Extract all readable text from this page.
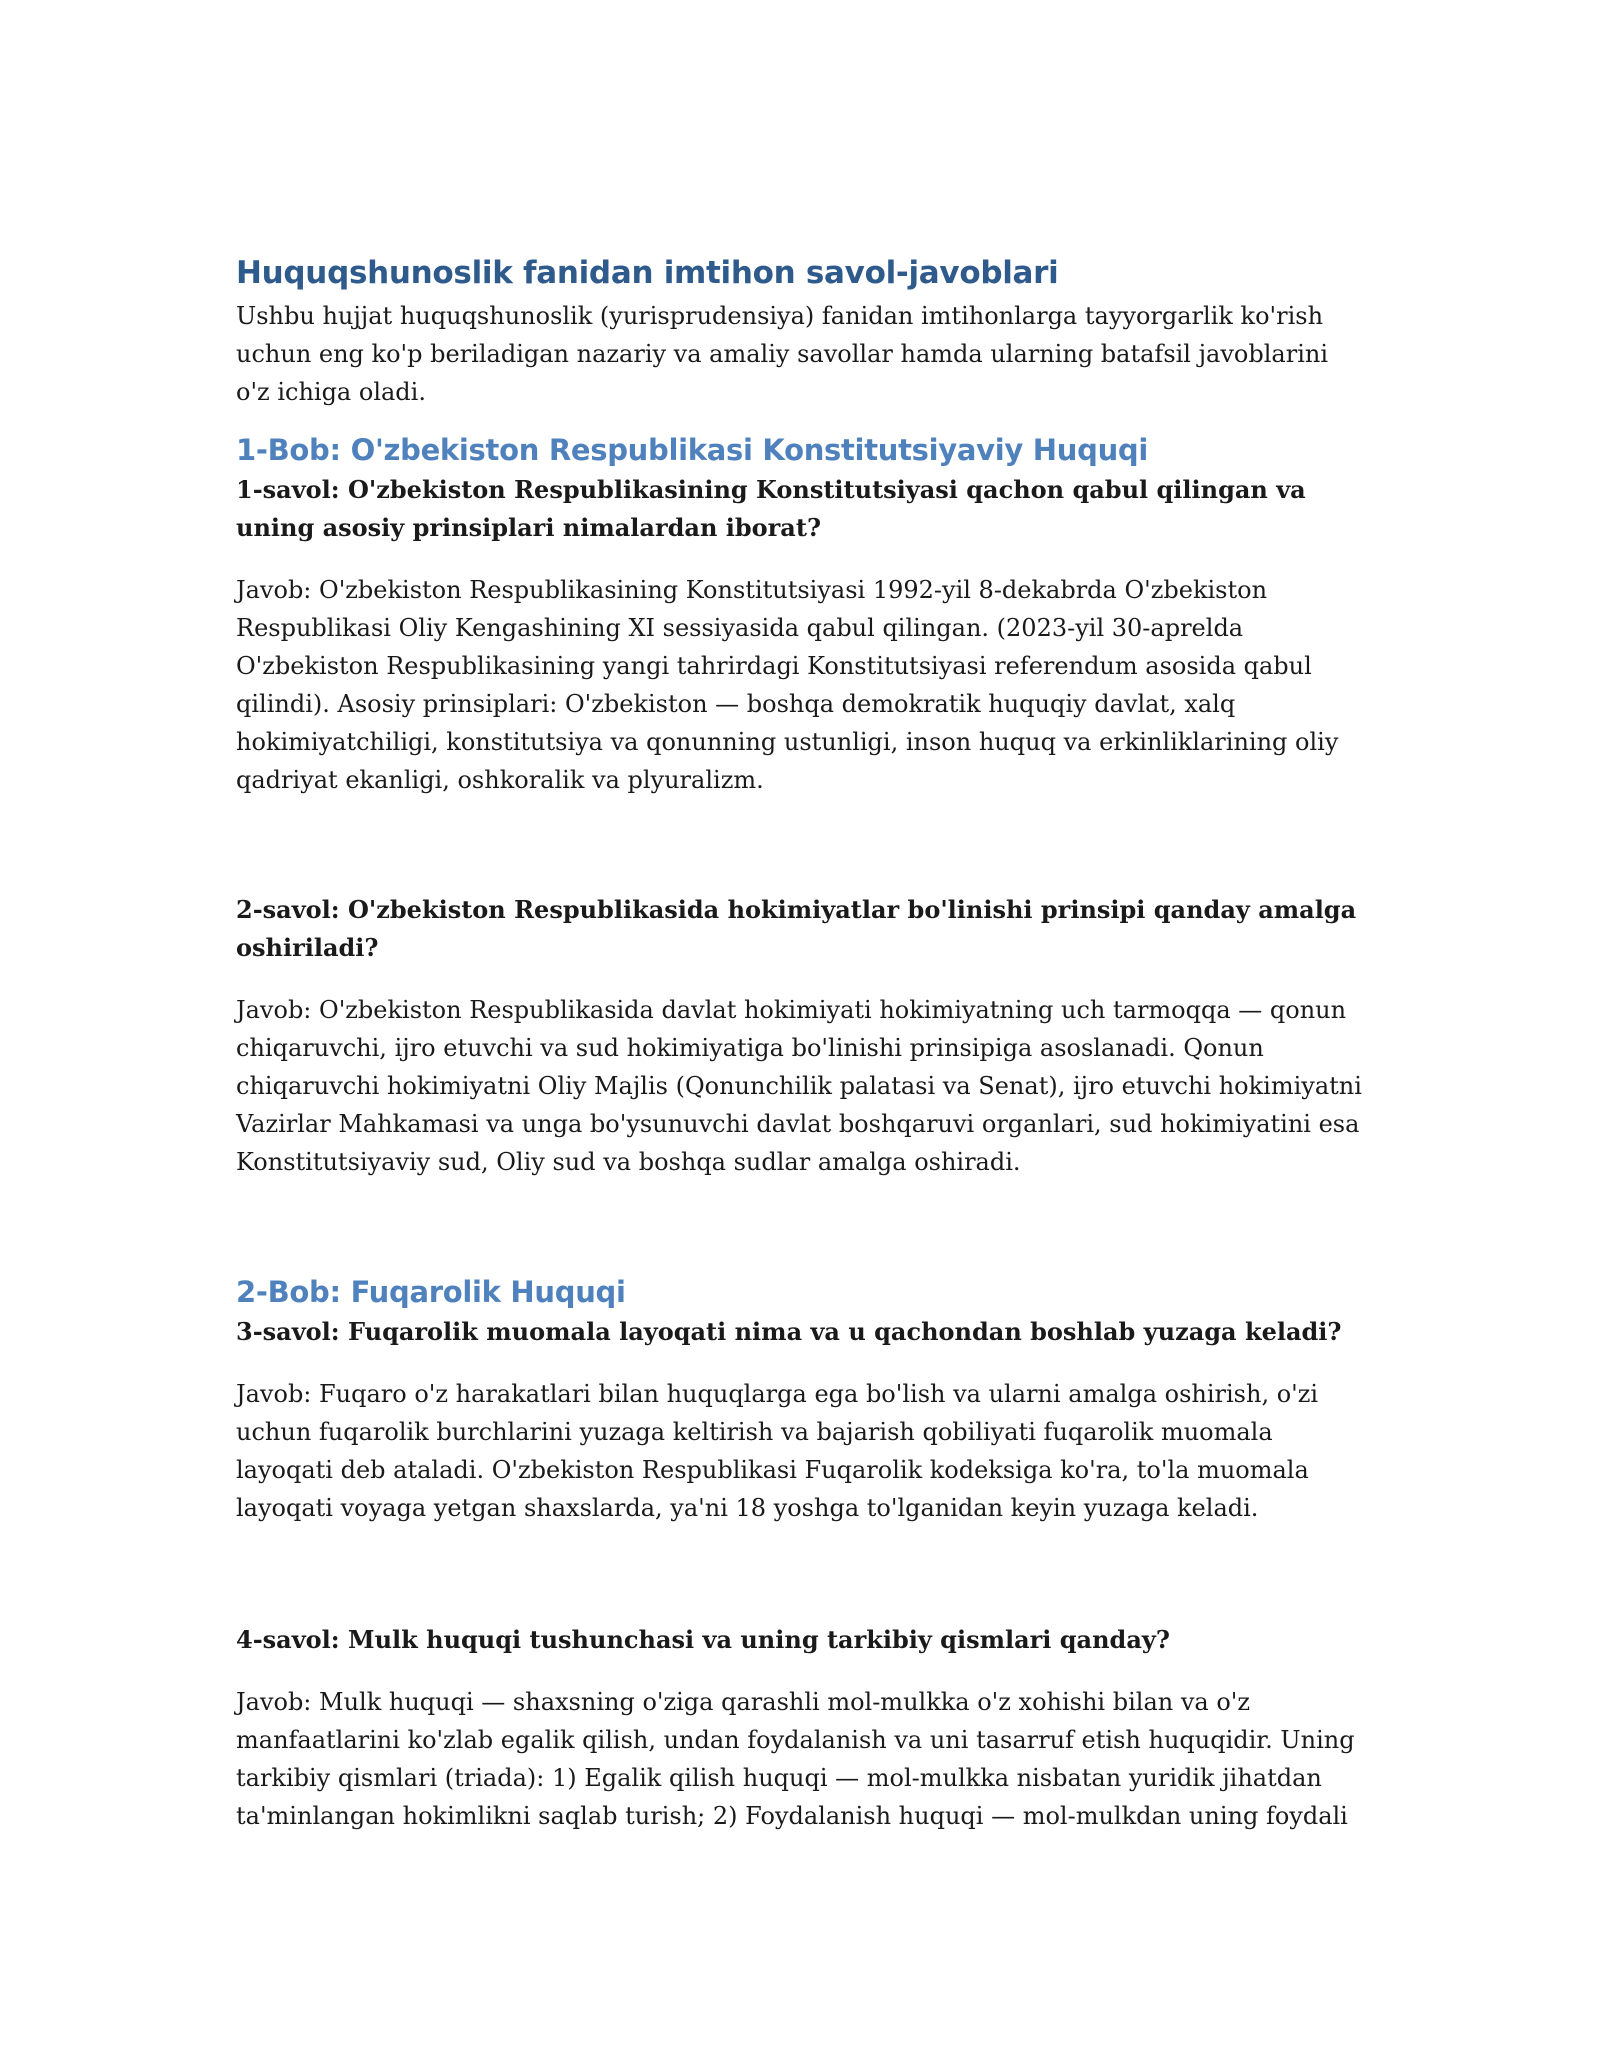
Huquqshunoslik fanidan imtihon savol-javoblari

Ushbu hujjat huquqshunoslik (yurisprudensiya) fanidan imtihonlarga tayyorgarlik ko'rish uchun eng ko'p beriladigan nazariy va amaliy savollar hamda ularning batafsil javoblarini o'z ichiga oladi.

1-Bob: O'zbekiston Respublikasi Konstitutsiyaviy Huquqi

1-savol: O'zbekiston Respublikasining Konstitutsiyasi qachon qabul qilingan va uning asosiy prinsiplari nimalardan iborat?

Javob: O'zbekiston Respublikasining Konstitutsiyasi 1992-yil 8-dekabrda O'zbekiston Respublikasi Oliy Kengashining XI sessiyasida qabul qilingan. (2023-yil 30-aprelda O'zbekiston Respublikasining yangi tahrirdagi Konstitutsiyasi referendum asosida qabul qilindi). Asosiy prinsiplari: O'zbekiston — boshqa demokratik huquqiy davlat, xalq hokimiyatchiligi, konstitutsiya va qonunning ustunligi, inson huquq va erkinliklarining oliy qadriyat ekanligi, oshkoralik va plyuralizm.

2-savol: O'zbekiston Respublikasida hokimiyatlar bo'linishi prinsipi qanday amalga oshiriladi?

Javob: O'zbekiston Respublikasida davlat hokimiyati hokimiyatning uch tarmoqqa — qonun chiqaruvchi, ijro etuvchi va sud hokimiyatiga bo'linishi prinsipiga asoslanadi. Qonun chiqaruvchi hokimiyatni Oliy Majlis (Qonunchilik palatasi va Senat), ijro etuvchi hokimiyatni Vazirlar Mahkamasi va unga bo'ysunuvchi davlat boshqaruvi organlari, sud hokimiyatini esa Konstitutsiyaviy sud, Oliy sud va boshqa sudlar amalga oshiradi.

2-Bob: Fuqarolik Huquqi

3-savol: Fuqarolik muomala layoqati nima va u qachondan boshlab yuzaga keladi?

Javob: Fuqaro o'z harakatlari bilan huquqlarga ega bo'lish va ularni amalga oshirish, o'zi uchun fuqarolik burchlarini yuzaga keltirish va bajarish qobiliyati fuqarolik muomala layoqati deb ataladi. O'zbekiston Respublikasi Fuqarolik kodeksiga ko'ra, to'la muomala layoqati voyaga yetgan shaxslarda, ya'ni 18 yoshga to'lganidan keyin yuzaga keladi.

4-savol: Mulk huquqi tushunchasi va uning tarkibiy qismlari qanday?

Javob: Mulk huquqi — shaxsning o'ziga qarashli mol-mulkka o'z xohishi bilan va o'z manfaatlarini ko'zlab egalik qilish, undan foydalanish va uni tasarruf etish huquqidir. Uning tarkibiy qismlari (triada): 1) Egalik qilish huquqi — mol-mulkka nisbatan yuridik jihatdan ta'minlangan hokimlikni saqlab turish; 2) Foydalanish huquqi — mol-mulkdan uning foydali
